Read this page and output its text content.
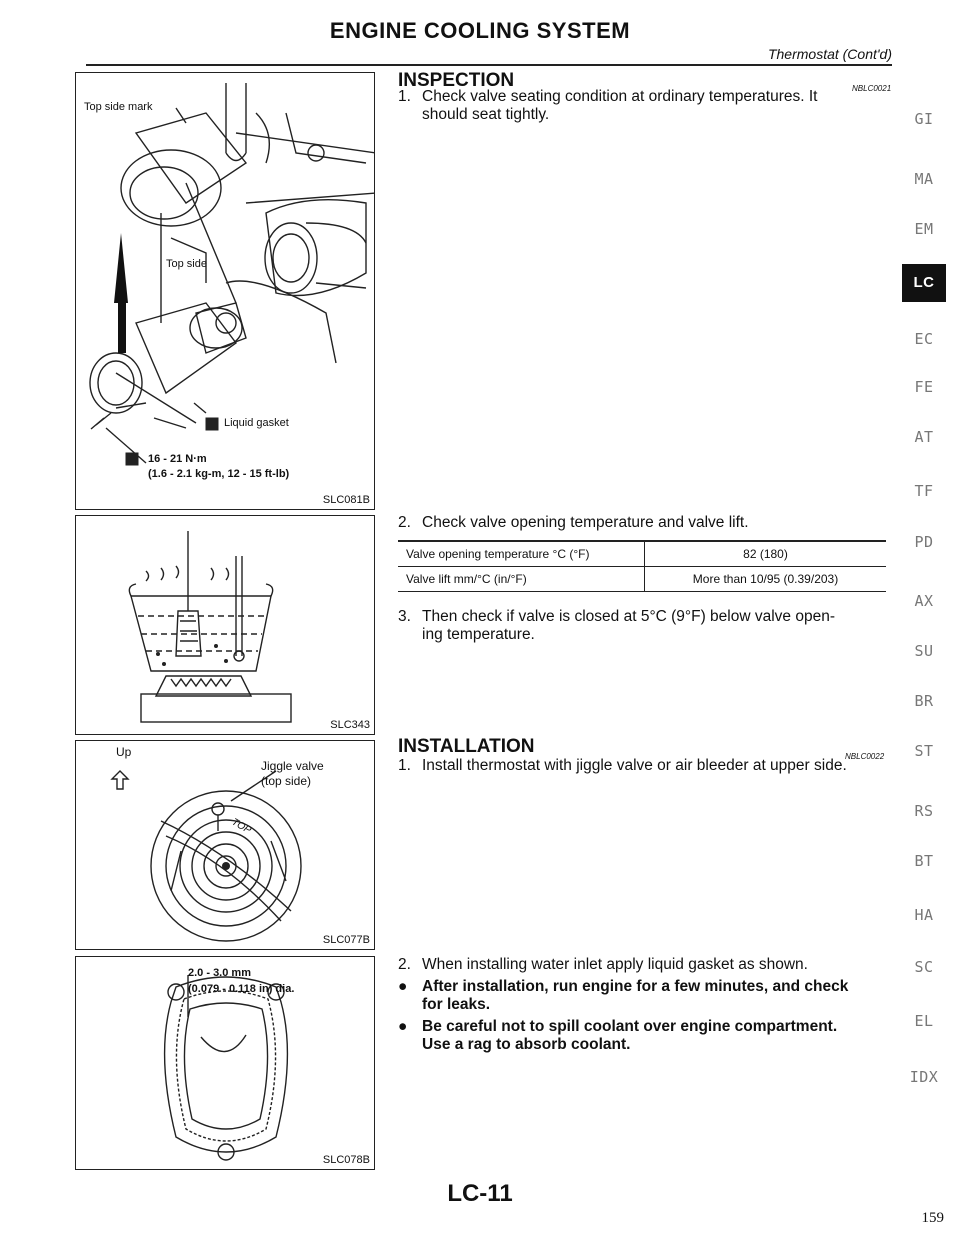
ENGINE COOLING SYSTEM
Thermostat (Cont'd)
Top side mark
Top side
Liquid gasket
16 - 21 N·m
(1.6 - 2.1 kg-m, 12 - 15 ft-lb)
SLC081B
SLC343
Up
Jiggle valve
(top side)
TOP
SLC077B
2.0 - 3.0 mm
(0.079 - 0.118 in) dia.
SLC078B
INSPECTION	NBLC0021
1. Check valve seating condition at ordinary temperatures. It
should seat tightly.
2. Check valve opening temperature and valve lift.
Valve opening temperature °C (°F)	82 (180)
Valve lift mm/°C (in/°F)	More than 10/95 (0.39/203)
3. Then check if valve is closed at 5°C (9°F) below valve open-
ing temperature.
INSTALLATION	NBLC0022
1. Install thermostat with jiggle valve or air bleeder at upper side.
2. When installing water inlet apply liquid gasket as shown.
● After installation, run engine for a few minutes, and check
for leaks.
● Be careful not to spill coolant over engine compartment.
Use a rag to absorb coolant.
GI
MA
EM
LC
EC
FE
AT
TF
PD
AX
SU
BR
ST
RS
BT
HA
SC
EL
IDX
LC-11
159
